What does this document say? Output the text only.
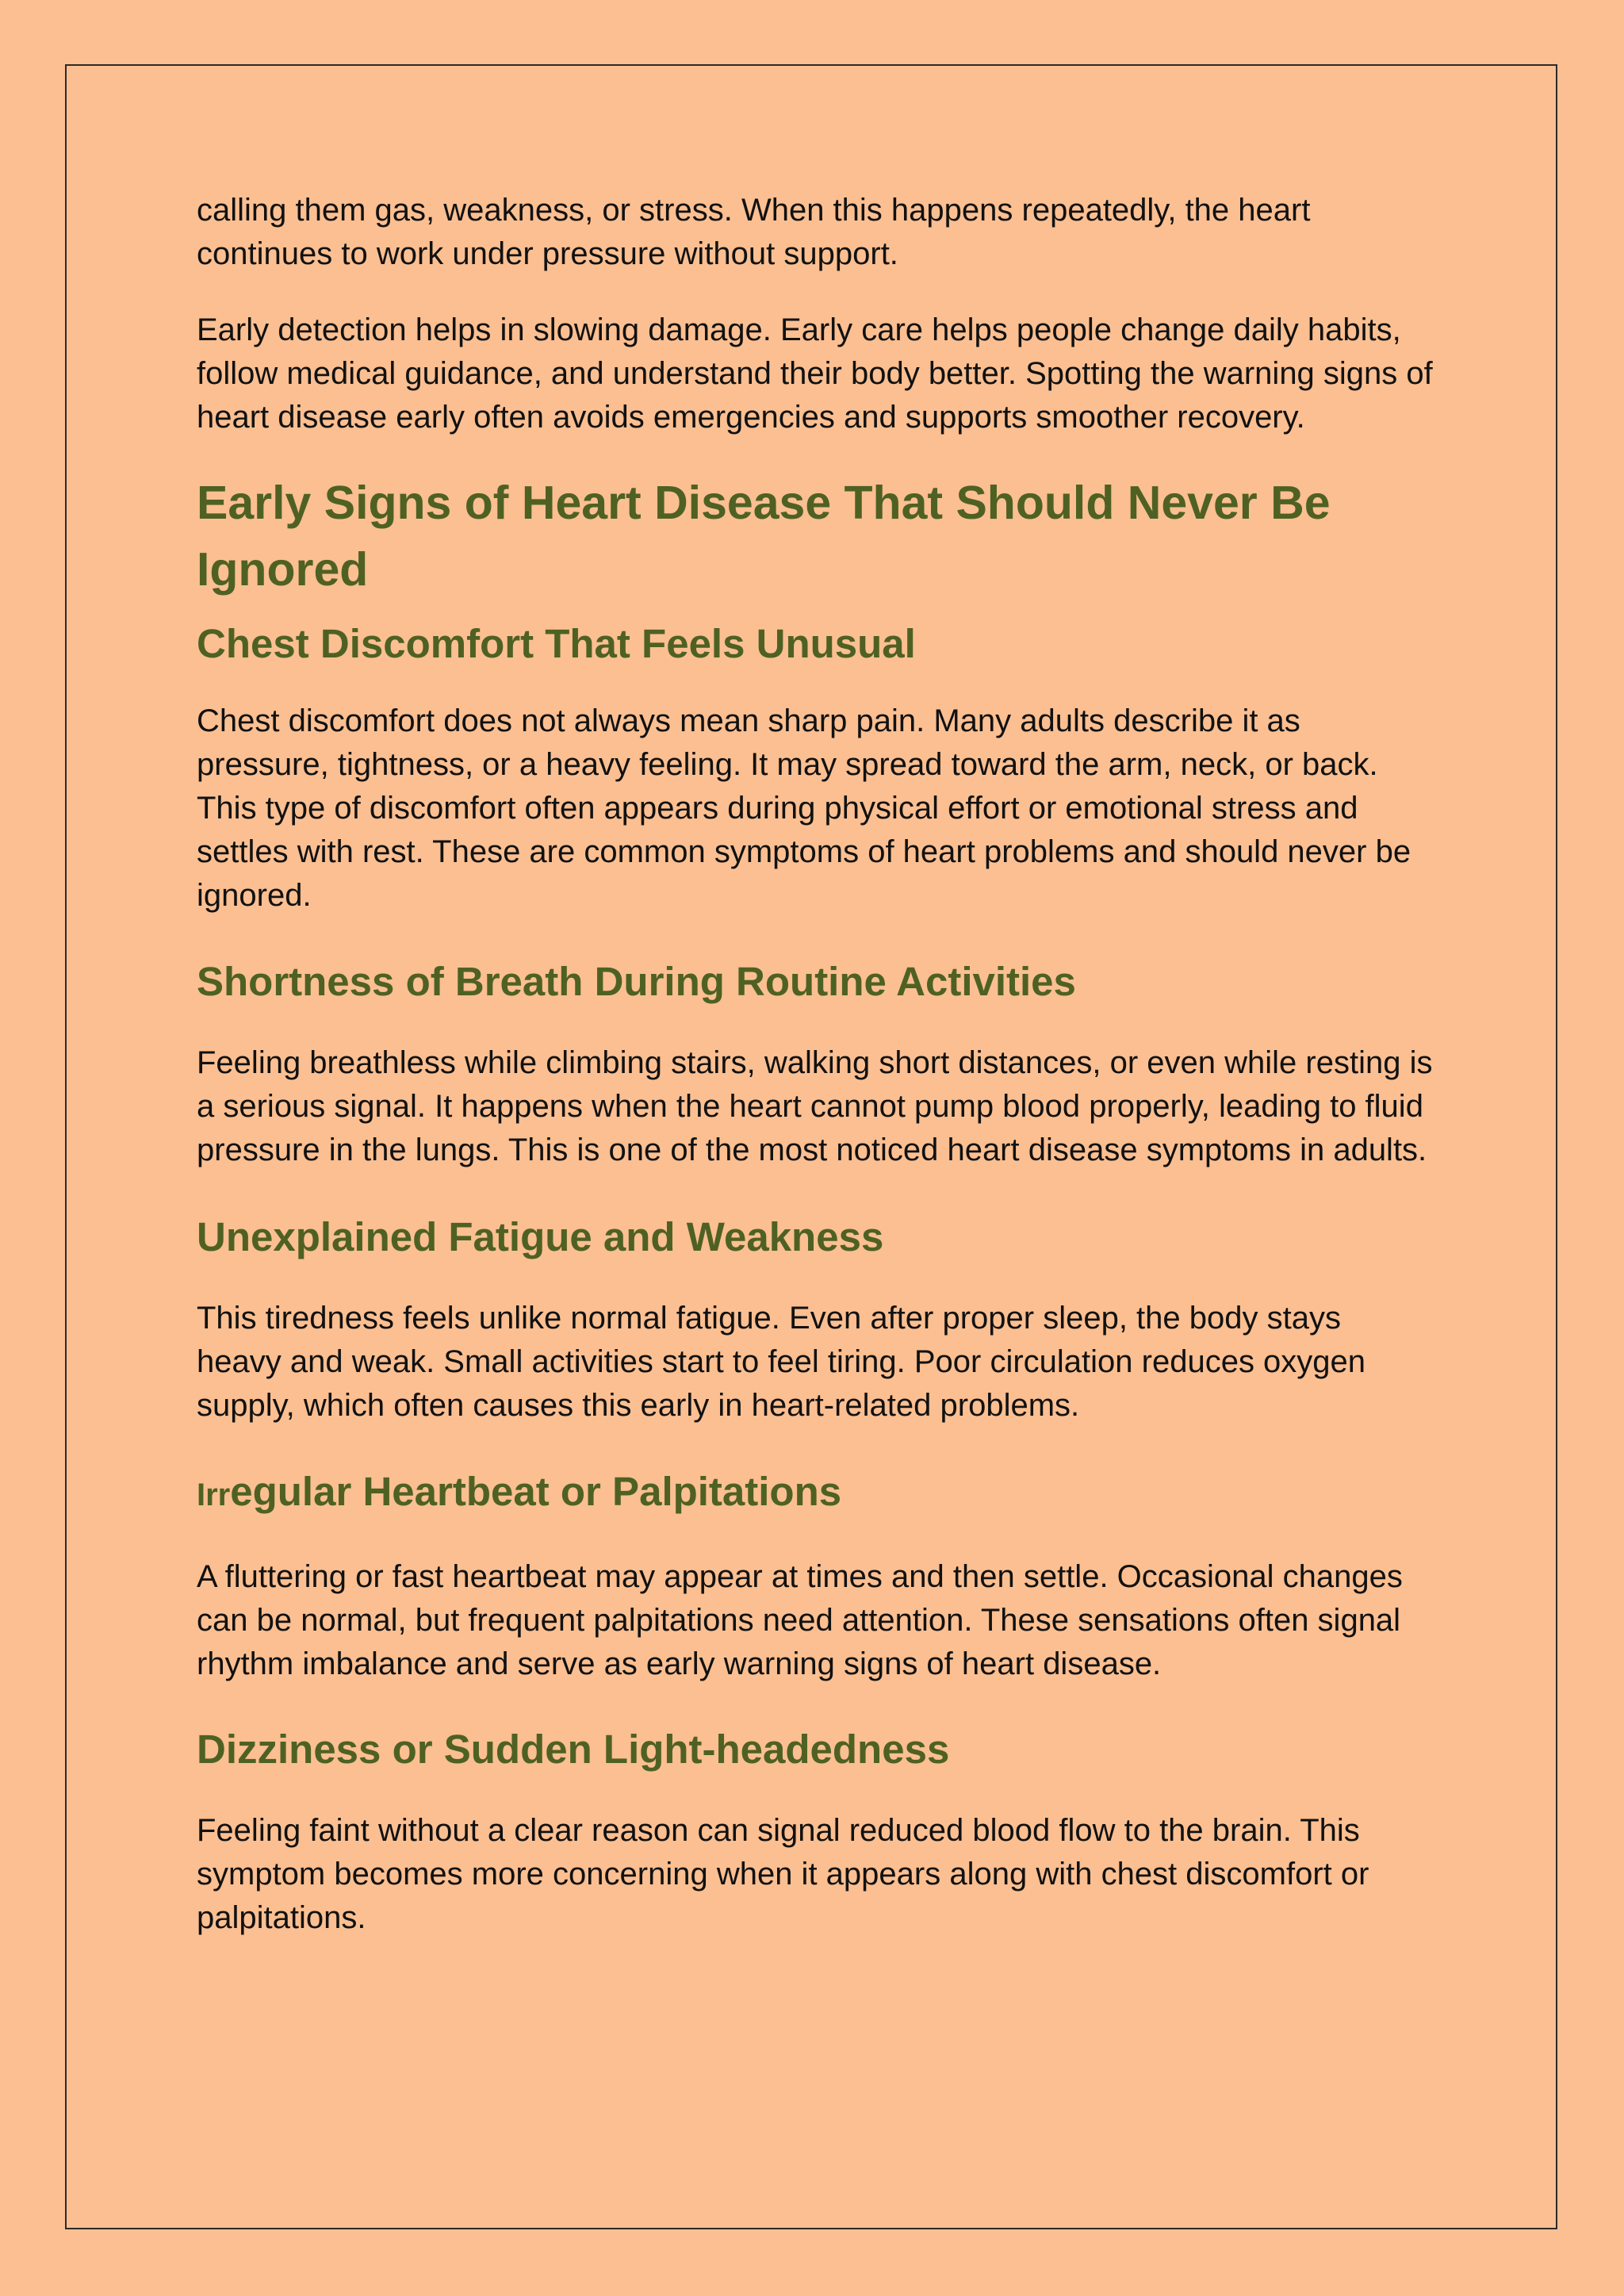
calling them gas, weakness, or stress. When this happens repeatedly, the heart continues to work under pressure without support.

Early detection helps in slowing damage. Early care helps people change daily habits, follow medical guidance, and understand their body better. Spotting the warning signs of heart disease early often avoids emergencies and supports smoother recovery.

Early Signs of Heart Disease That Should Never Be Ignored
Chest Discomfort That Feels Unusual

Chest discomfort does not always mean sharp pain. Many adults describe it as pressure, tightness, or a heavy feeling. It may spread toward the arm, neck, or back. This type of discomfort often appears during physical effort or emotional stress and settles with rest. These are common symptoms of heart problems and should never be ignored.

Shortness of Breath During Routine Activities

Feeling breathless while climbing stairs, walking short distances, or even while resting is a serious signal. It happens when the heart cannot pump blood properly, leading to fluid pressure in the lungs. This is one of the most noticed heart disease symptoms in adults.

Unexplained Fatigue and Weakness

This tiredness feels unlike normal fatigue. Even after proper sleep, the body stays heavy and weak. Small activities start to feel tiring. Poor circulation reduces oxygen supply, which often causes this early in heart-related problems.

Irregular Heartbeat or Palpitations

A fluttering or fast heartbeat may appear at times and then settle. Occasional changes can be normal, but frequent palpitations need attention. These sensations often signal rhythm imbalance and serve as early warning signs of heart disease.

Dizziness or Sudden Light-headedness

Feeling faint without a clear reason can signal reduced blood flow to the brain. This symptom becomes more concerning when it appears along with chest discomfort or palpitations.
